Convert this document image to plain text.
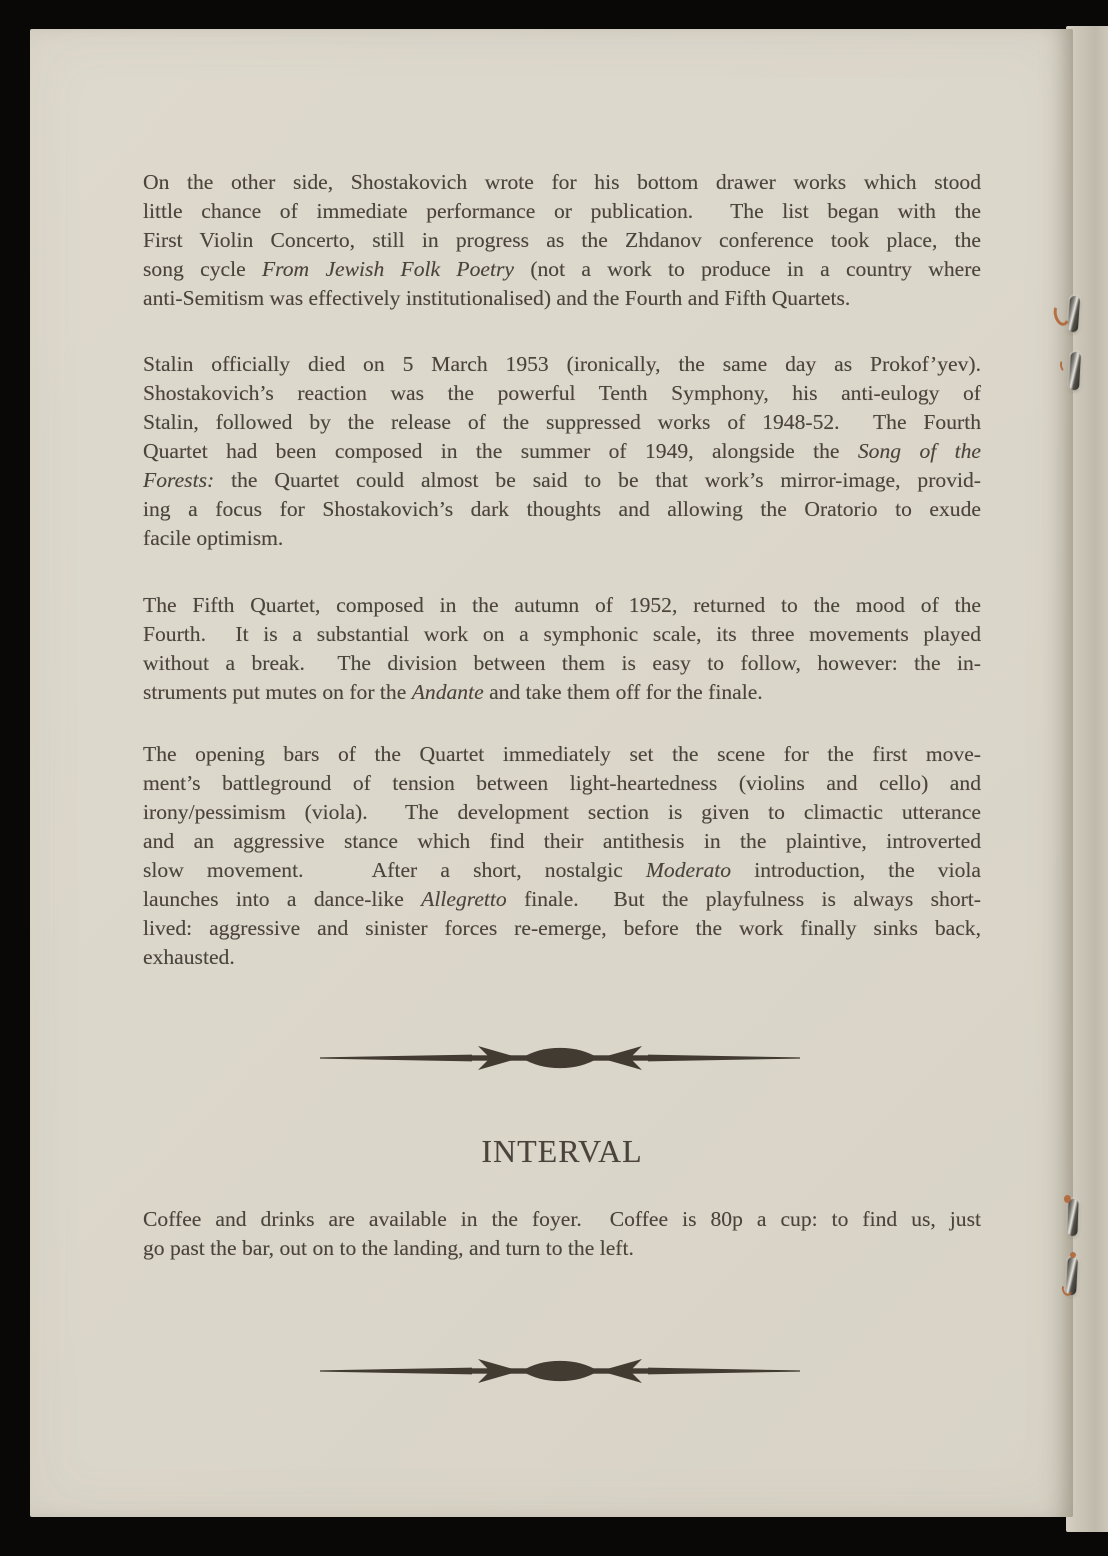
On the other side, Shostakovich wrote for his bottom drawer works which stood
little chance of immediate performance or publication.  The list began with the
First Violin Concerto, still in progress as the Zhdanov conference took place, the
song cycle From Jewish Folk Poetry (not a work to produce in a country where
anti-Semitism was effectively institutionalised) and the Fourth and Fifth Quartets.
Stalin officially died on 5 March 1953 (ironically, the same day as Prokof’yev).
Shostakovich’s reaction was the powerful Tenth Symphony, his anti-eulogy of
Stalin, followed by the release of the suppressed works of 1948-52.  The Fourth
Quartet had been composed in the summer of 1949, alongside the Song of the
Forests: the Quartet could almost be said to be that work’s mirror-image, provid-
ing a focus for Shostakovich’s dark thoughts and allowing the Oratorio to exude
facile optimism.
The Fifth Quartet, composed in the autumn of 1952, returned to the mood of the
Fourth.  It is a substantial work on a symphonic scale, its three movements played
without a break.  The division between them is easy to follow, however: the in-
struments put mutes on for the Andante and take them off for the finale.
The opening bars of the Quartet immediately set the scene for the first move-
ment’s battleground of tension between light-heartedness (violins and cello) and
irony/pessimism (viola).  The development section is given to climactic utterance
and an aggressive stance which find their antithesis in the plaintive, introverted
slow movement.   After a short, nostalgic Moderato introduction, the viola
launches into a dance-like Allegretto finale.  But the playfulness is always short-
lived: aggressive and sinister forces re-emerge, before the work finally sinks back,
exhausted.
INTERVAL
Coffee and drinks are available in the foyer.  Coffee is 80p a cup: to find us, just
go past the bar, out on to the landing, and turn to the left.
